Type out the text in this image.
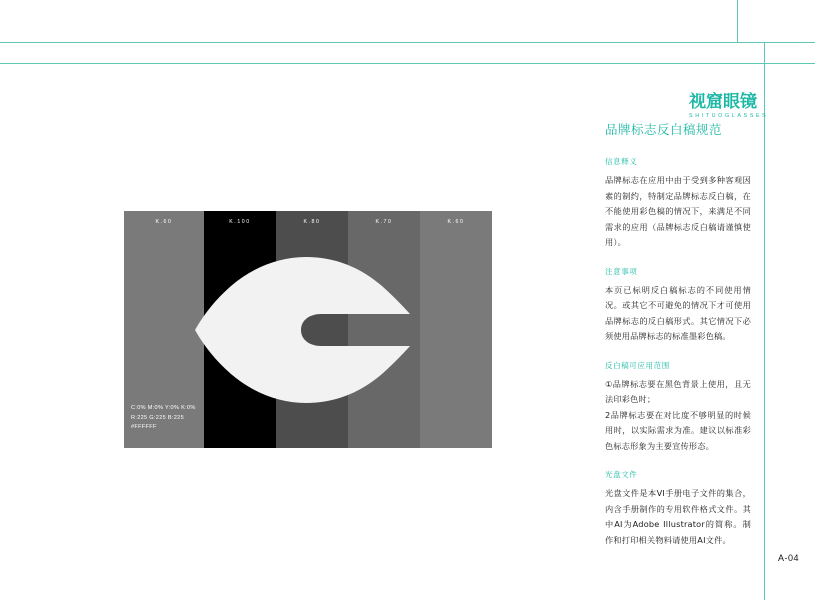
视窟眼镜
SHITUOGLASSES
K.60	K.100	K.80	K.70	K.60
C:0% M:0% Y:0% K:0%
R:225 G:225 B:225
#FFFFFF
品牌标志反白稿规范
信息释义

品牌标志在应用中由于受到多种客观因素的制约，特制定品牌标志反白稿，在不能使用彩色稿的情况下，来满足不同需求的应用（品牌标志反白稿请谨慎使用）。

注意事项

本页已标明反白稿标志的不同使用情况。或其它不可避免的情况下才可使用品牌标志的反白稿形式。其它情况下必须使用品牌标志的标准墨彩色稿。

反白稿可应用范围

①品牌标志要在黑色背景上使用，且无法印彩色时；

2品牌标志要在对比度不够明显的时候用时，以实际需求为准。建议以标准彩色标志形象为主要宣传形态。

光盘文件

光盘文件是本VI手册电子文件的集合，内含手册制作的专用软件格式文件。其中AI为Adobe Illustrator的简称。制作和打印相关物料请使用AI文件。

A-04
